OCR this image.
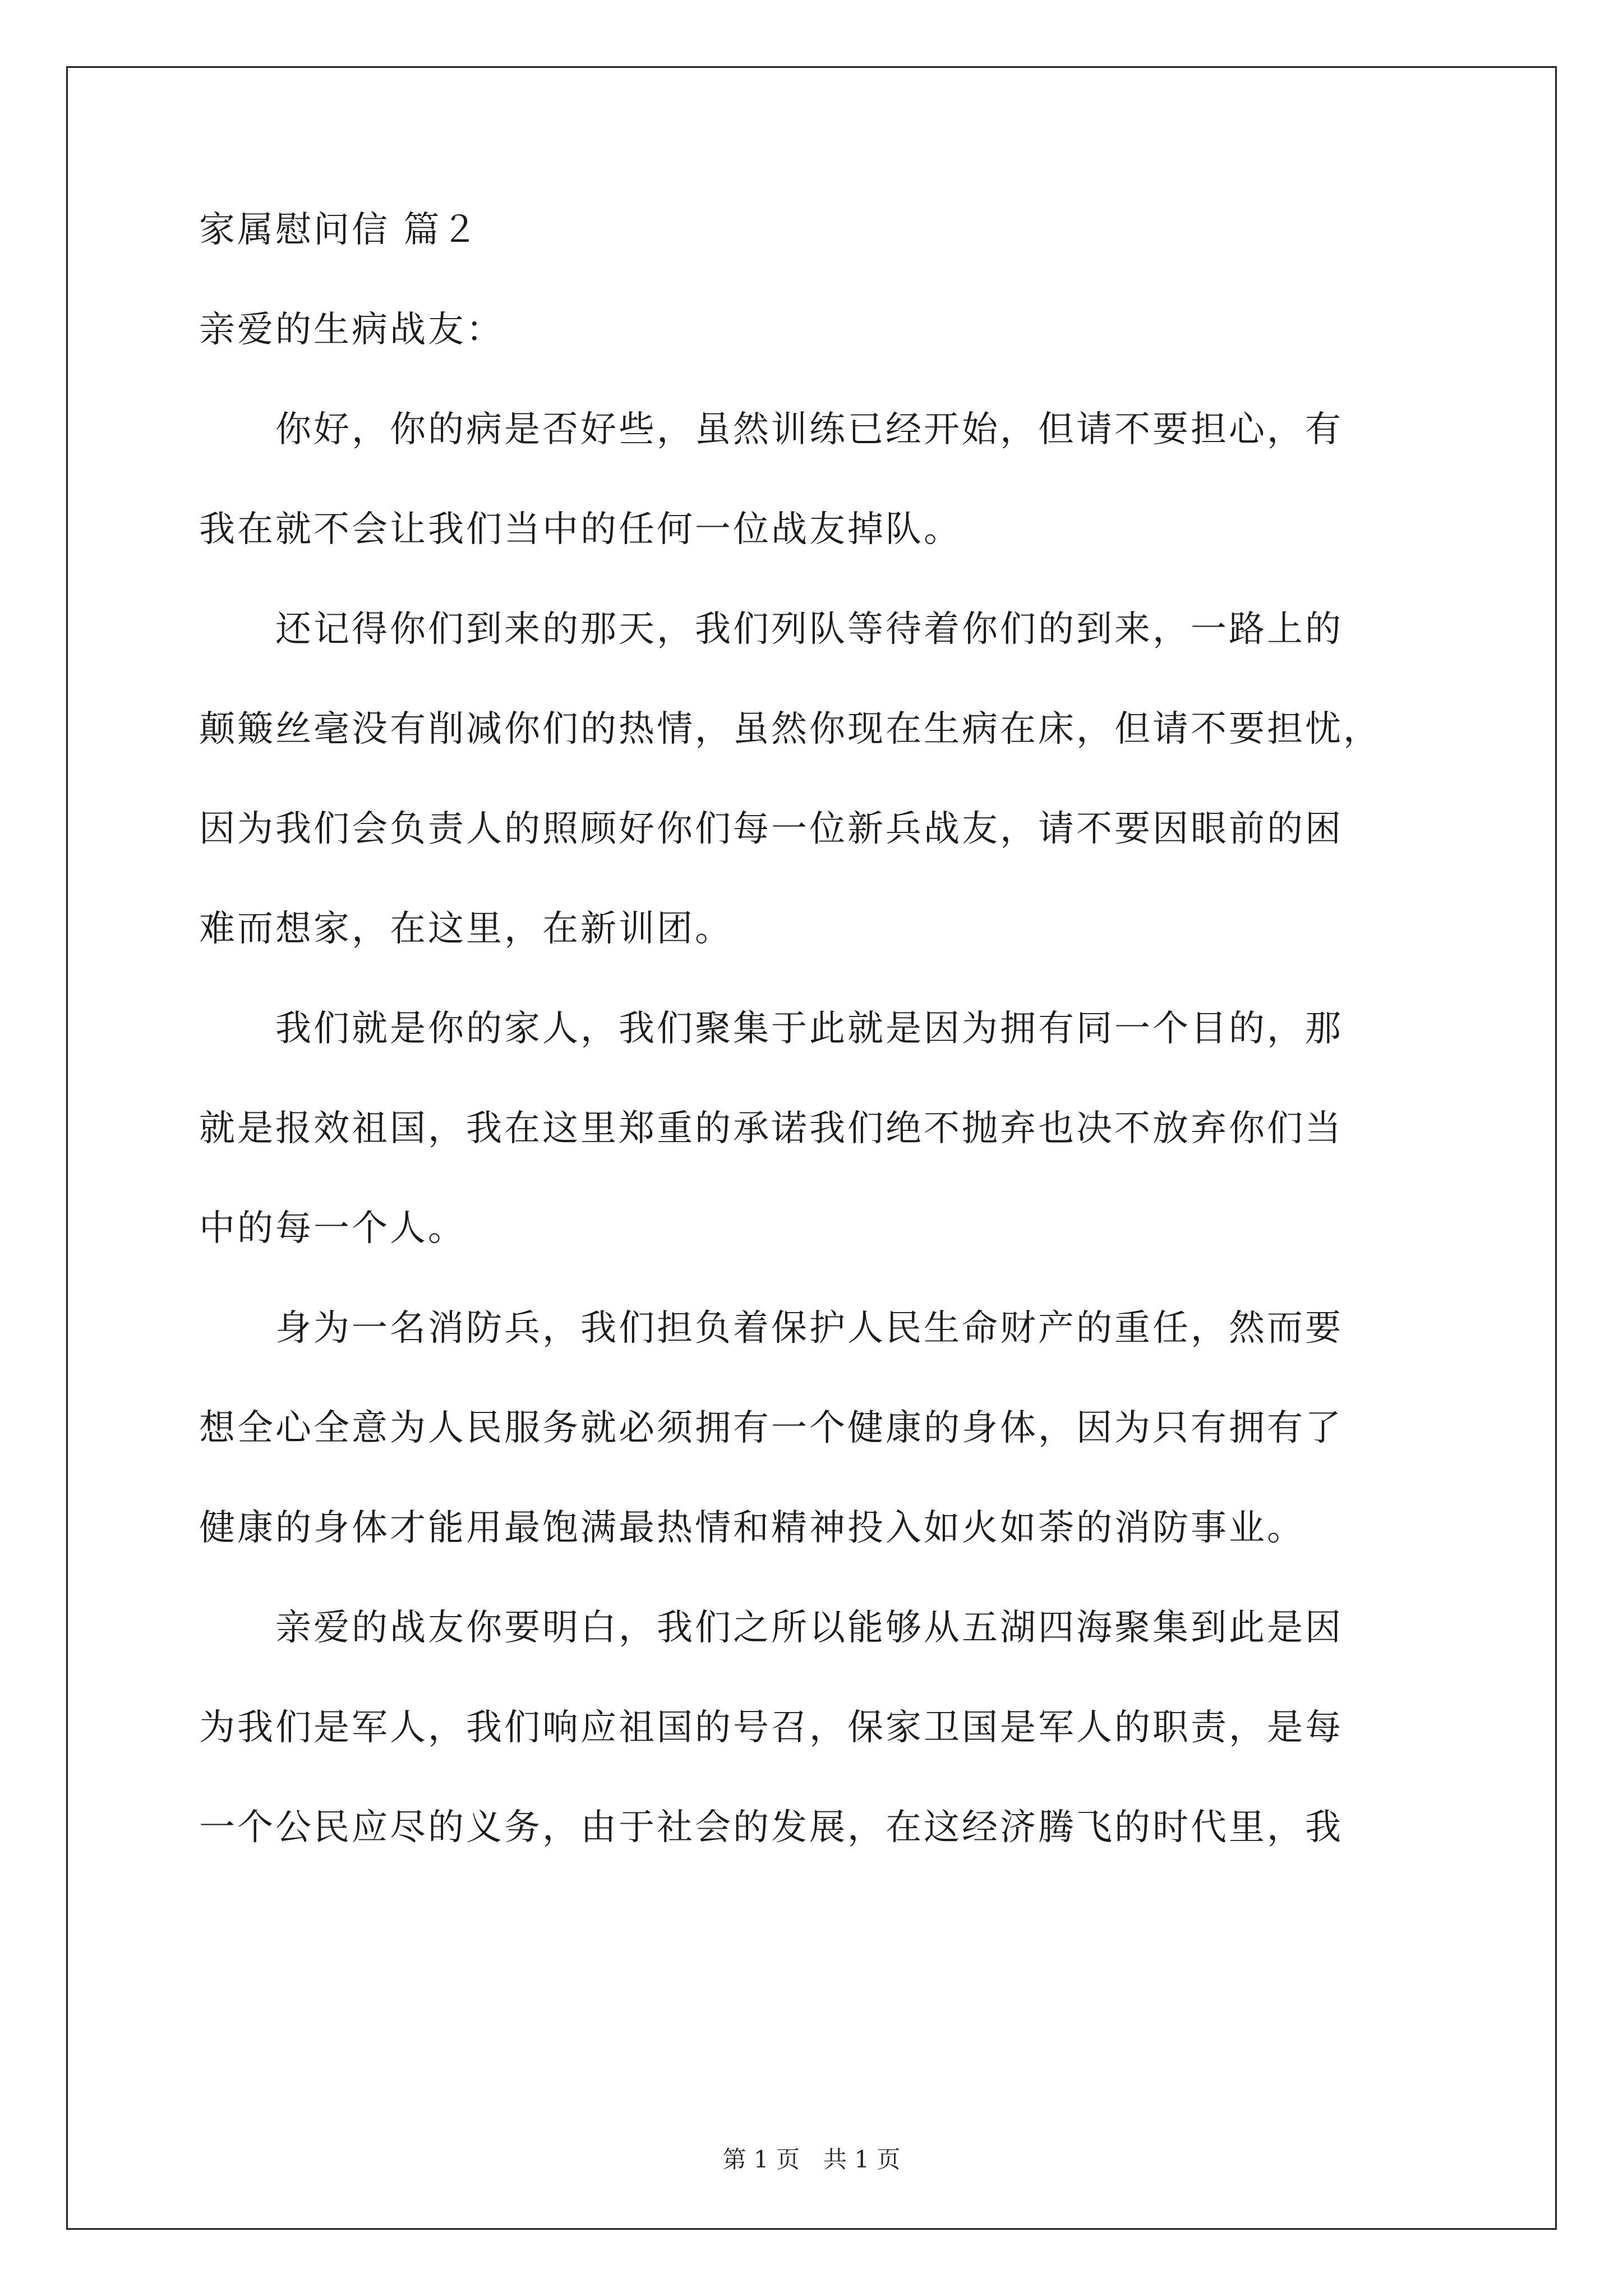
家属慰问信 篇２
亲爱的生病战友：
　　你好，你的病是否好些，虽然训练已经开始，但请不要担心，有
我在就不会让我们当中的任何一位战友掉队。
　　还记得你们到来的那天，我们列队等待着你们的到来，一路上的
颠簸丝毫没有削减你们的热情，虽然你现在生病在床，但请不要担忧，
因为我们会负责人的照顾好你们每一位新兵战友，请不要因眼前的困
难而想家，在这里，在新训团。
　　我们就是你的家人，我们聚集于此就是因为拥有同一个目的，那
就是报效祖国，我在这里郑重的承诺我们绝不抛弃也决不放弃你们当
中的每一个人。
　　身为一名消防兵，我们担负着保护人民生命财产的重任，然而要
想全心全意为人民服务就必须拥有一个健康的身体，因为只有拥有了
健康的身体才能用最饱满最热情和精神投入如火如荼的消防事业。
　　亲爱的战友你要明白，我们之所以能够从五湖四海聚集到此是因
为我们是军人，我们响应祖国的号召，保家卫国是军人的职责，是每
一个公民应尽的义务，由于社会的发展，在这经济腾飞的时代里，我
第 1 页　共 1 页
